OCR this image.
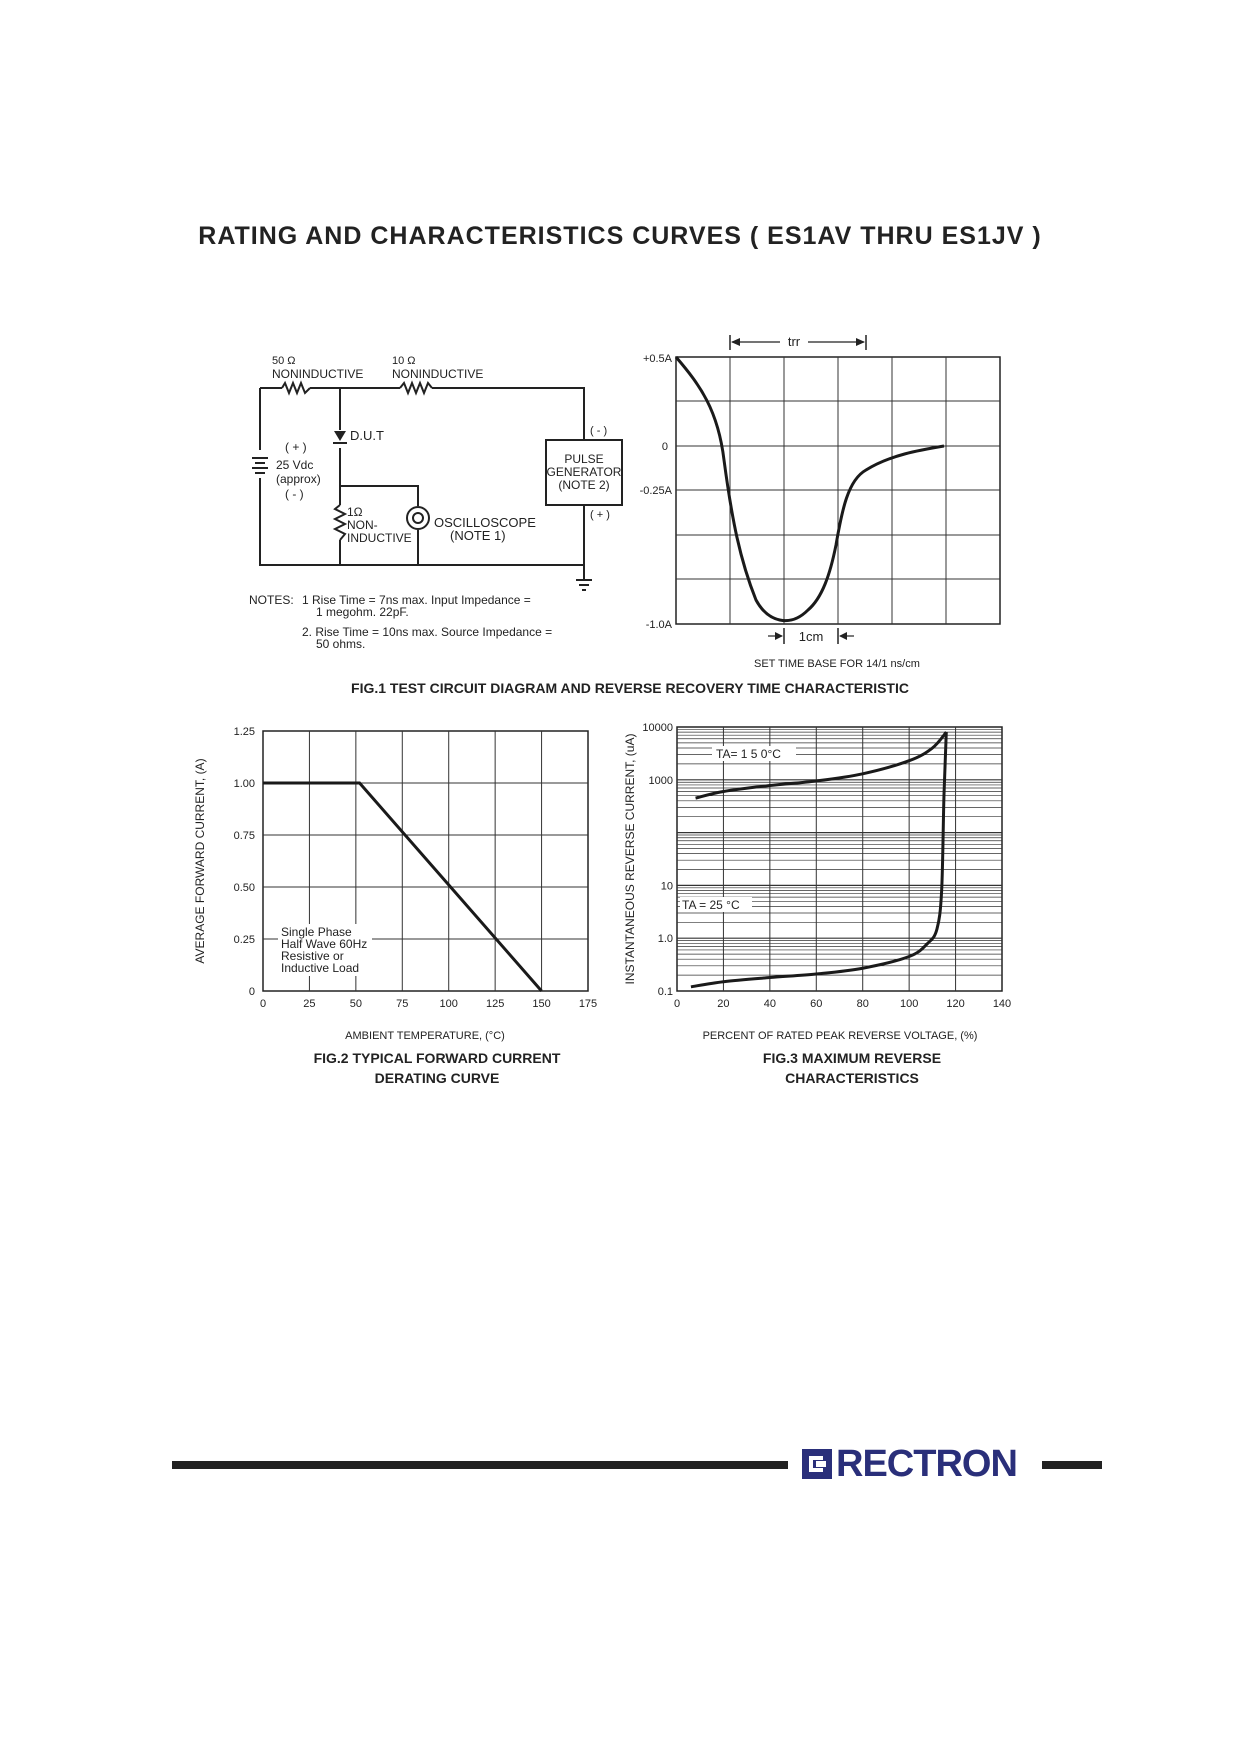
RATING AND CHARACTERISTICS CURVES ( ES1AV THRU ES1JV )
50 Ω
NONINDUCTIVE
10 Ω
NONINDUCTIVE
D.U.T
( + )
25 Vdc
(approx)
( - )
1Ω
NON-
INDUCTIVE
OSCILLOSCOPE
(NOTE 1)
PULSE
GENERATOR
(NOTE 2)
( - )
( + )
NOTES: 1 Rise Time = 7ns max. Input Impedance =
1 megohm. 22pF.
2. Rise Time = 10ns max. Source Impedance =
50 ohms.
+0.5A
0
-0.25A
-1.0A
trr
1cm
SET TIME BASE FOR 14/1 ns/cm
FIG.1 TEST CIRCUIT DIAGRAM AND REVERSE RECOVERY TIME CHARACTERISTIC
0	25	50	75	100	125	150	175
0
0.25
0.50
0.75
1.00
1.25
Single Phase
Half Wave 60Hz
Resistive or
Inductive Load
AMBIENT TEMPERATURE, (°C)
AVERAGE FORWARD CURRENT, (A)
FIG.2 TYPICAL FORWARD CURRENT
DERATING CURVE
0	20	40	60	80	100	120	140
0.1
1.0
10
1000
10000
TA= 1 5 0°C
TA = 25 °C
PERCENT OF RATED PEAK REVERSE VOLTAGE, (%)
INSTANTANEOUS REVERSE CURRENT, (uA)
FIG.3 MAXIMUM REVERSE
CHARACTERISTICS
RECTRON
